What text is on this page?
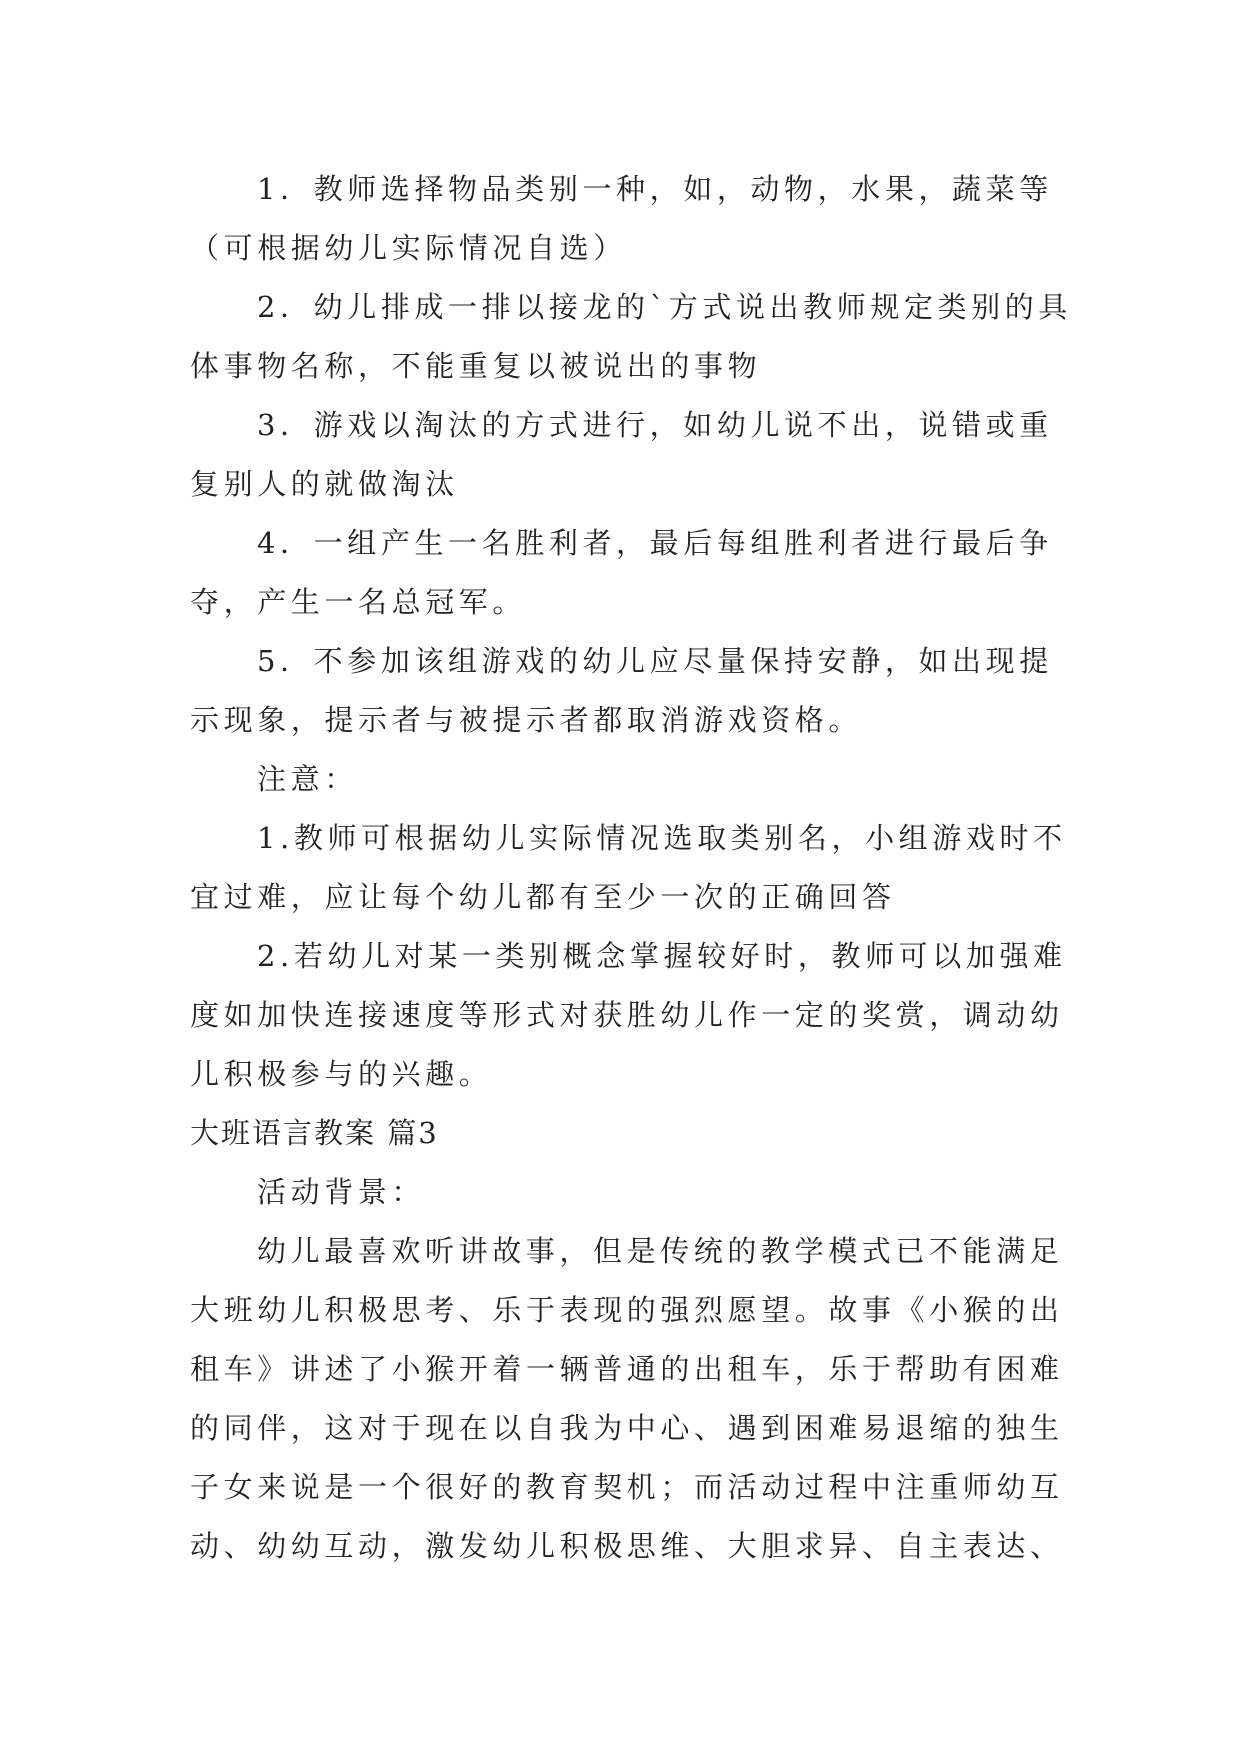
1．教师选择物品类别一种，如，动物，水果，蔬菜等
（可根据幼儿实际情况自选）
2．幼儿排成一排以接龙的`方式说出教师规定类别的具
体事物名称，不能重复以被说出的事物
3．游戏以淘汰的方式进行，如幼儿说不出，说错或重
复别人的就做淘汰
4．一组产生一名胜利者，最后每组胜利者进行最后争
夺，产生一名总冠军。
5．不参加该组游戏的幼儿应尽量保持安静，如出现提
示现象，提示者与被提示者都取消游戏资格。
注意：
1.教师可根据幼儿实际情况选取类别名，小组游戏时不
宜过难，应让每个幼儿都有至少一次的正确回答
2.若幼儿对某一类别概念掌握较好时，教师可以加强难
度如加快连接速度等形式对获胜幼儿作一定的奖赏，调动幼
儿积极参与的兴趣。
大班语言教案 篇3
活动背景：
幼儿最喜欢听讲故事，但是传统的教学模式已不能满足
大班幼儿积极思考、乐于表现的强烈愿望。故事《小猴的出
租车》讲述了小猴开着一辆普通的出租车，乐于帮助有困难
的同伴，这对于现在以自我为中心、遇到困难易退缩的独生
子女来说是一个很好的教育契机；而活动过程中注重师幼互
动、幼幼互动，激发幼儿积极思维、大胆求异、自主表达、
